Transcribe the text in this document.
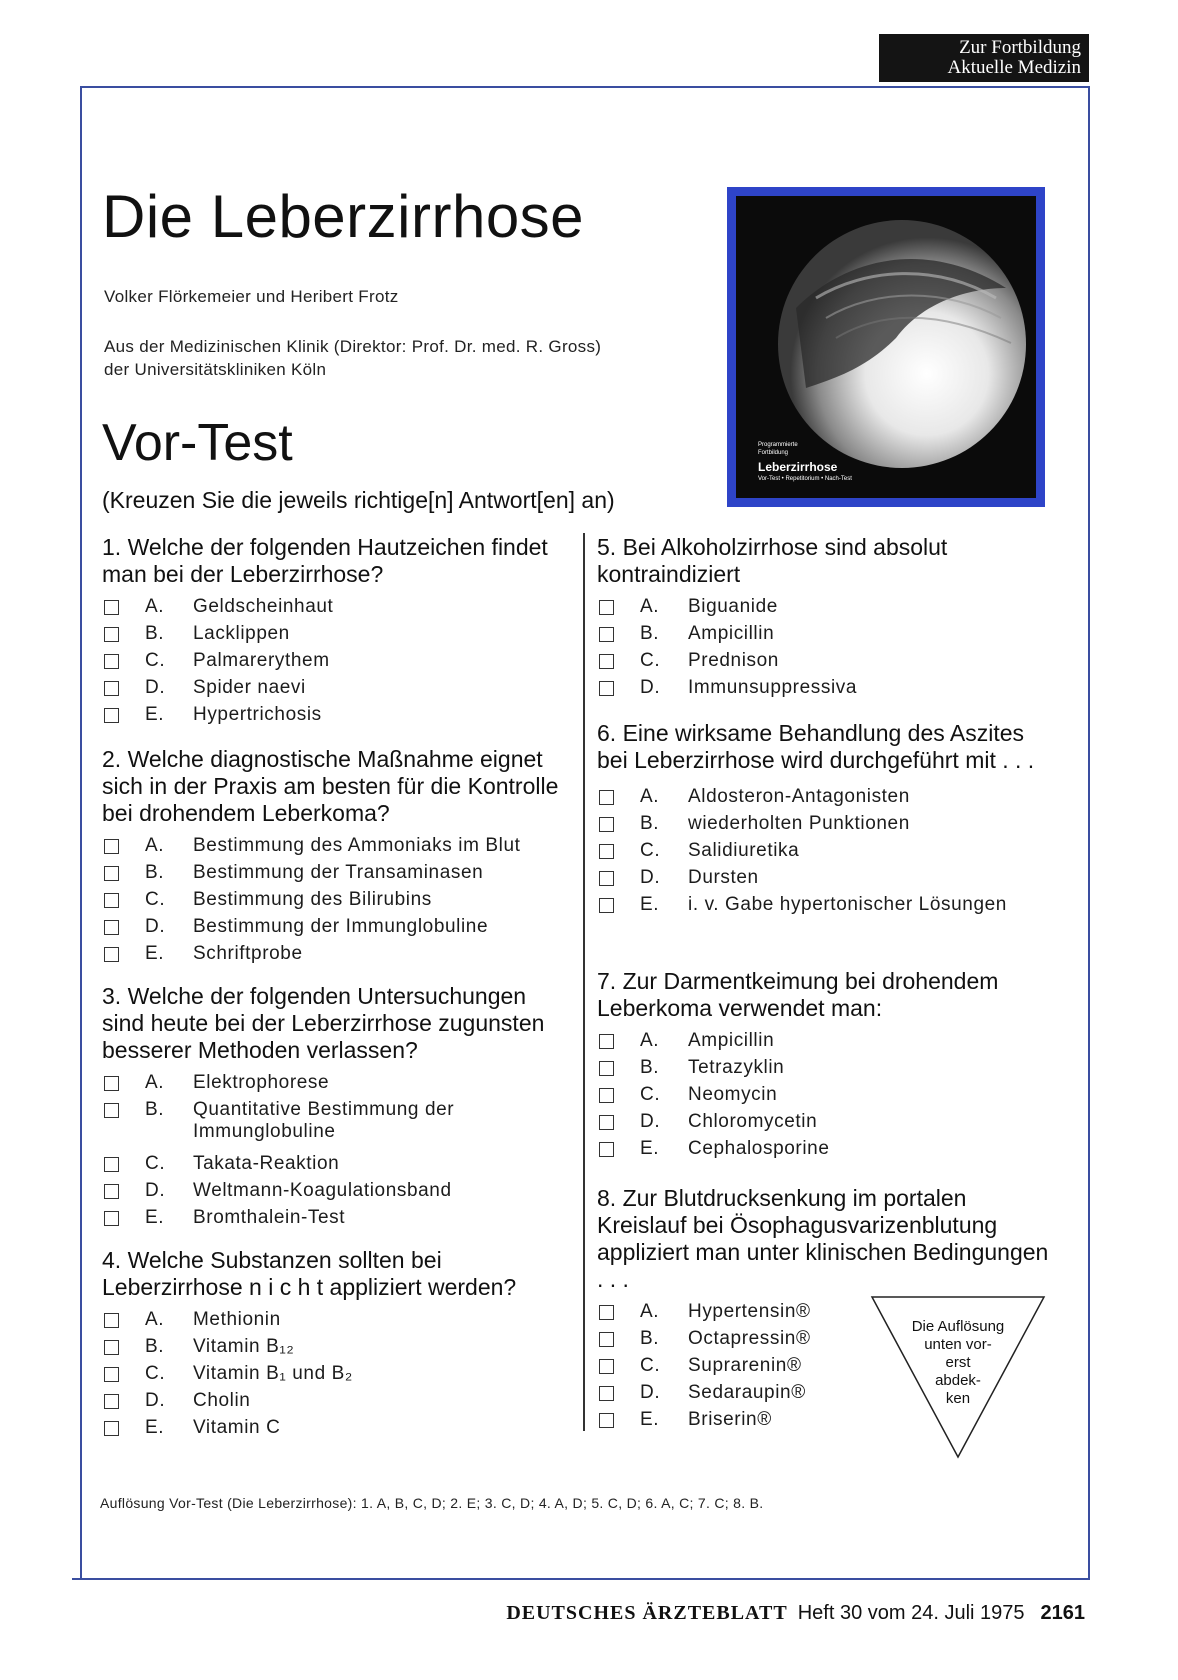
Zur Fortbildung
Aktuelle Medizin
Die Leberzirrhose
Volker Flörkemeier und Heribert Frotz
Aus der Medizinischen Klinik (Direktor: Prof. Dr. med. R. Gross)
der Universitätskliniken Köln
Vor-Test
(Kreuzen Sie die jeweils richtige[n] Antwort[en] an)
Programmierte
Fortbildung
Leberzirrhose
Vor-Test • Repetitorium • Nach-Test

1. Welche der folgenden Hautzeichen findet man bei der Leberzirrhose?

A. Geldscheinhaut
B. Lacklippen
C. Palmarerythem
D. Spider naevi
E. Hypertrichosis

2. Welche diagnostische Maßnahme eignet sich in der Praxis am besten für die Kontrolle bei drohendem Leberkoma?

A. Bestimmung des Ammoniaks im Blut
B. Bestimmung der Transaminasen
C. Bestimmung des Bilirubins
D. Bestimmung der Immunglobuline
E. Schriftprobe

3. Welche der folgenden Untersuchungen sind heute bei der Leberzirrhose zugunsten besserer Methoden verlassen?

A. Elektrophorese
B. Quantitative Bestimmung der Immunglobuline
C. Takata-Reaktion
D. Weltmann-Koagulationsband
E. Bromthalein-Test

4. Welche Substanzen sollten bei Leberzirrhose n i c h t appliziert werden?

A. Methionin
B. Vitamin B₁₂
C. Vitamin B₁ und B₂
D. Cholin
E. Vitamin C

5. Bei Alkoholzirrhose sind absolut kontraindiziert

A. Biguanide
B. Ampicillin
C. Prednison
D. Immunsuppressiva

6. Eine wirksame Behandlung des Aszites bei Leberzirrhose wird durchgeführt mit . . .

A. Aldosteron-Antagonisten
B. wiederholten Punktionen
C. Salidiuretika
D. Dursten
E. i. v. Gabe hypertonischer Lösungen

7. Zur Darmentkeimung bei drohendem Leberkoma verwendet man:

A. Ampicillin
B. Tetrazyklin
C. Neomycin
D. Chloromycetin
E. Cephalosporine

8. Zur Blutdrucksenkung im portalen Kreislauf bei Ösophagusvarizenblutung appliziert man unter klinischen Bedingungen . . .

A. Hypertensin®
B. Octapressin®
C. Suprarenin®
D. Sedaraupin®
E. Briserin®
Die Auflösung
unten vor-
erst
abdek-
ken
Auflösung Vor-Test (Die Leberzirrhose): 1. A, B, C, D; 2. E; 3. C, D; 4. A, D; 5. C, D; 6. A, C; 7. C; 8. B.
DEUTSCHES ÄRZTEBLATT Heft 30 vom 24. Juli 1975 2161
